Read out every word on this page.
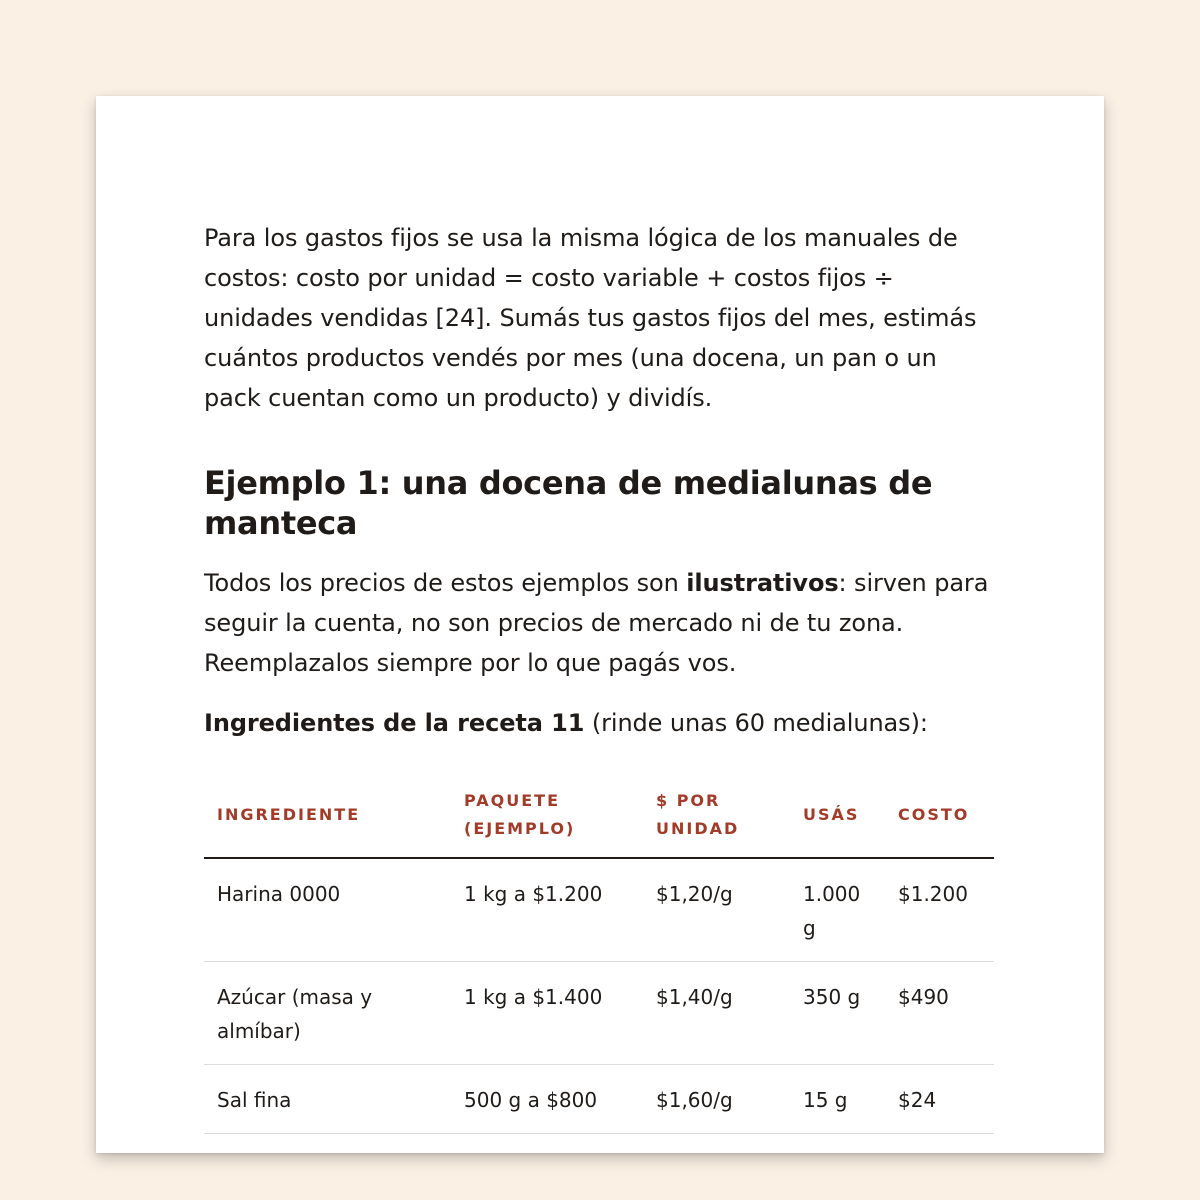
Para los gastos fijos se usa la misma lógica de los manuales de costos: costo por unidad = costo variable + costos fijos ÷ unidades vendidas [24]. Sumás tus gastos fijos del mes, estimás cuántos productos vendés por mes (una docena, un pan o un pack cuentan como un producto) y dividís.

Ejemplo 1: una docena de medialunas de manteca

Todos los precios de estos ejemplos son ilustrativos: sirven para seguir la cuenta, no son precios de mercado ni de tu zona. Reemplazalos siempre por lo que pagás vos.

Ingredientes de la receta 11 (rinde unas 60 medialunas):

INGREDIENTE	PAQUETE (EJEMPLO)	$ POR UNIDAD	USÁS	COSTO
Harina 0000	1 kg a $1.200	$1,20/g	1.000 g	$1.200
Azúcar (masa y almíbar)	1 kg a $1.400	$1,40/g	350 g	$490
Sal fina	500 g a $800	$1,60/g	15 g	$24
